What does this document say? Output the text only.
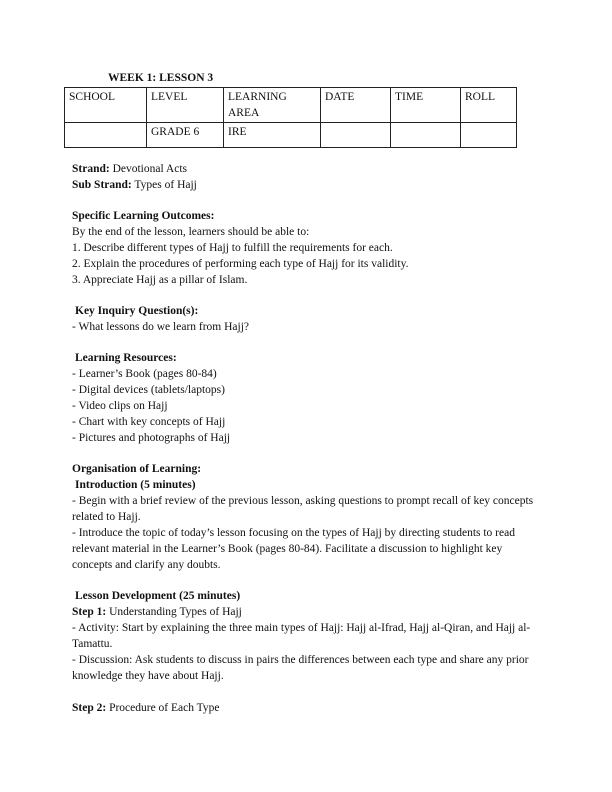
WEEK 1: LESSON 3
SCHOOL	LEVEL	LEARNING AREA	DATE	TIME	ROLL
	GRADE 6	IRE			

Strand: Devotional Acts

Sub Strand: Types of Hajj

Specific Learning Outcomes:

By the end of the lesson, learners should be able to:

1. Describe different types of Hajj to fulfill the requirements for each.

2. Explain the procedures of performing each type of Hajj for its validity.

3. Appreciate Hajj as a pillar of Islam.

Key Inquiry Question(s):

- What lessons do we learn from Hajj?

Learning Resources:

- Learner’s Book (pages 80-84)

- Digital devices (tablets/laptops)

- Video clips on Hajj

- Chart with key concepts of Hajj

- Pictures and photographs of Hajj

Organisation of Learning:

Introduction (5 minutes)

- Begin with a brief review of the previous lesson, asking questions to prompt recall of key concepts related to Hajj.

- Introduce the topic of today’s lesson focusing on the types of Hajj by directing students to read relevant material in the Learner’s Book (pages 80-84). Facilitate a discussion to highlight key concepts and clarify any doubts.

Lesson Development (25 minutes)

Step 1: Understanding Types of Hajj

- Activity: Start by explaining the three main types of Hajj: Hajj al-Ifrad, Hajj al-Qiran, and Hajj al-Tamattu.

- Discussion: Ask students to discuss in pairs the differences between each type and share any prior knowledge they have about Hajj.

Step 2: Procedure of Each Type
